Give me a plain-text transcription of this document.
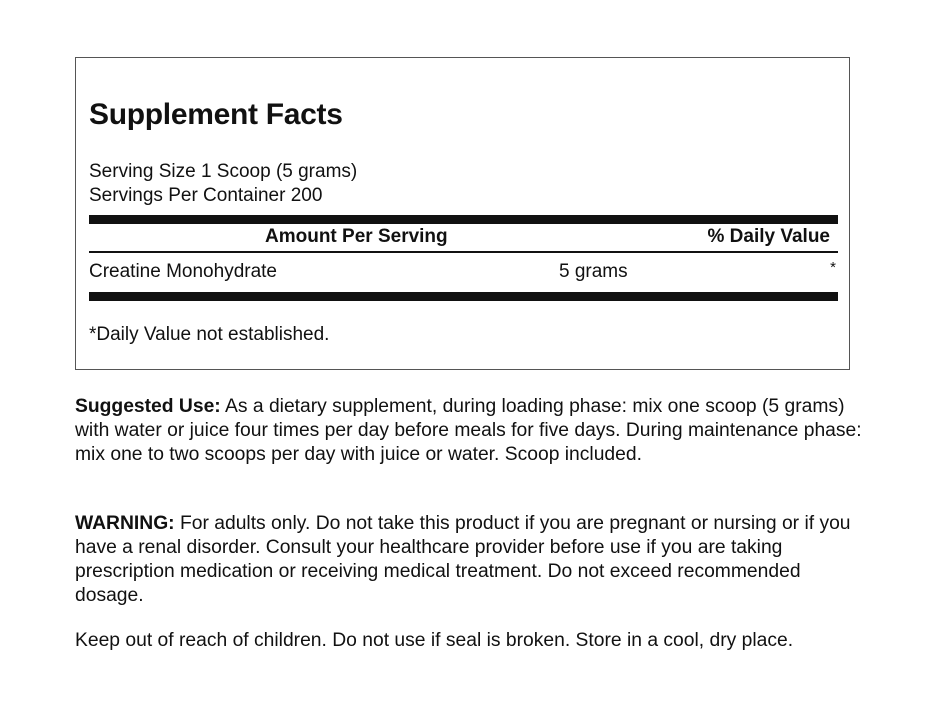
Supplement Facts
Serving Size 1 Scoop (5 grams)
Servings Per Container 200
Amount Per Serving	% Daily Value
Creatine Monohydrate	5 grams	*
*Daily Value not established.

Suggested Use: As a dietary supplement, during loading phase: mix one scoop (5 grams) with water or juice four times per day before meals for five days. During maintenance phase: mix one to two scoops per day with juice or water. Scoop included.

WARNING: For adults only. Do not take this product if you are pregnant or nursing or if you have a renal disorder. Consult your healthcare provider before use if you are taking prescription medication or receiving medical treatment. Do not exceed recommended dosage.

Keep out of reach of children. Do not use if seal is broken. Store in a cool, dry place.
